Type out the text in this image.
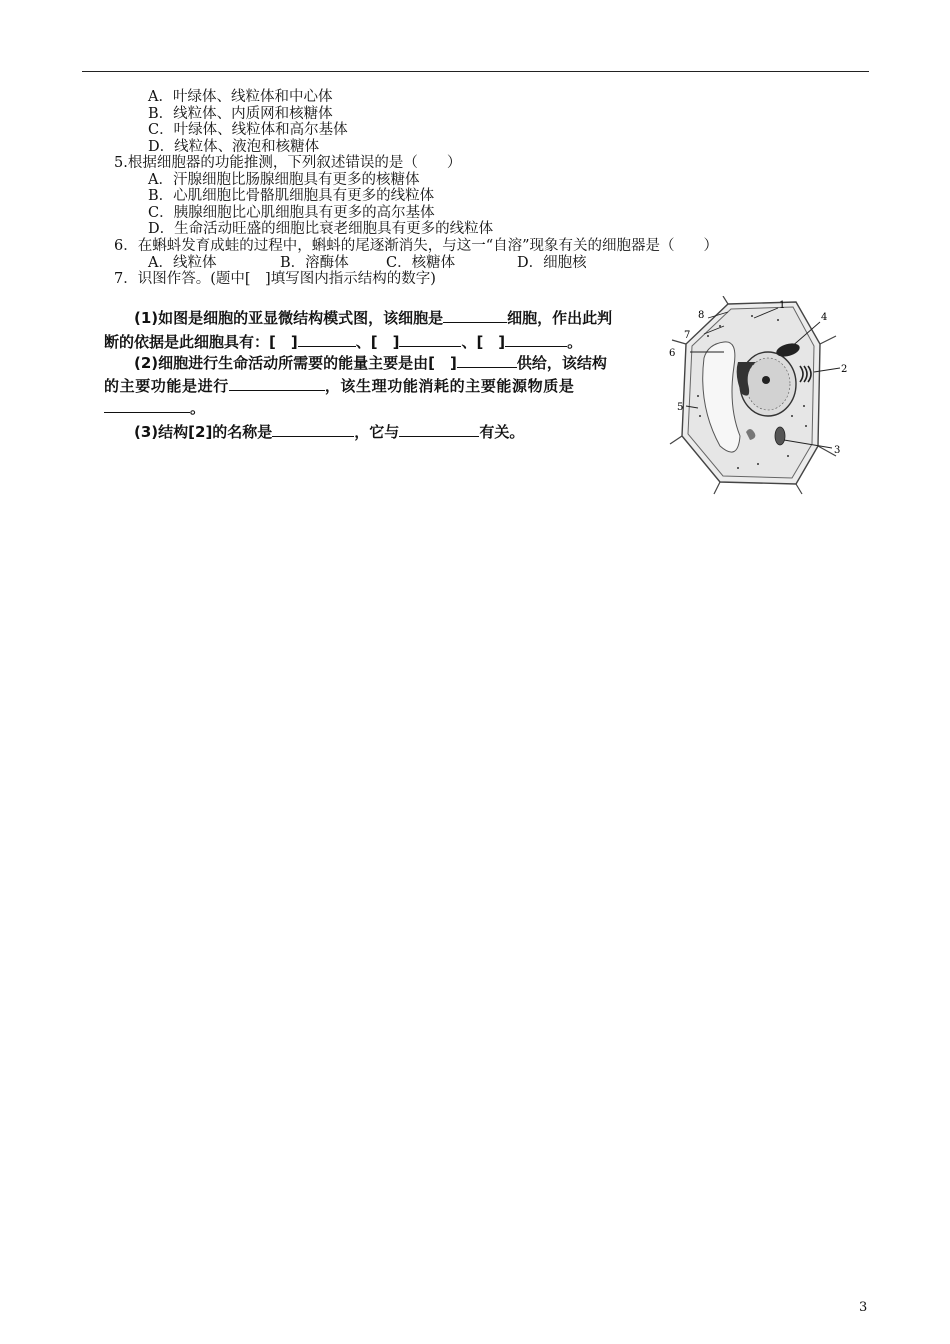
A．叶绿体、线粒体和中心体
B．线粒体、内质网和核糖体
C．叶绿体、线粒体和高尔基体
D．线粒体、液泡和核糖体
5.根据细胞器的功能推测，下列叙述错误的是（　　）
A．汗腺细胞比肠腺细胞具有更多的核糖体
B．心肌细胞比骨骼肌细胞具有更多的线粒体
C．胰腺细胞比心肌细胞具有更多的高尔基体
D．生命活动旺盛的细胞比衰老细胞具有更多的线粒体
6．在蝌蚪发育成蛙的过程中，蝌蚪的尾逐渐消失，与这一“自溶”现象有关的细胞器是（　　）
A．线粒体	B．溶酶体	C．核糖体	D．细胞核
7．识图作答。(题中[　]填写图内指示结构的数字)
(1)如图是细胞的亚显微结构模式图，该细胞是	细胞，作出此判
断的依据是此细胞具有：[　]	、[　]	、[　]	。
(2)细胞进行生命活动所需要的能量主要是由[　]	供给，该结构
的主要功能是进行	，该生理功能消耗的主要能源物质是
。
(3)结构[2]的名称是	，它与	有关。
1
2
3
4
5
6
7
8
3
